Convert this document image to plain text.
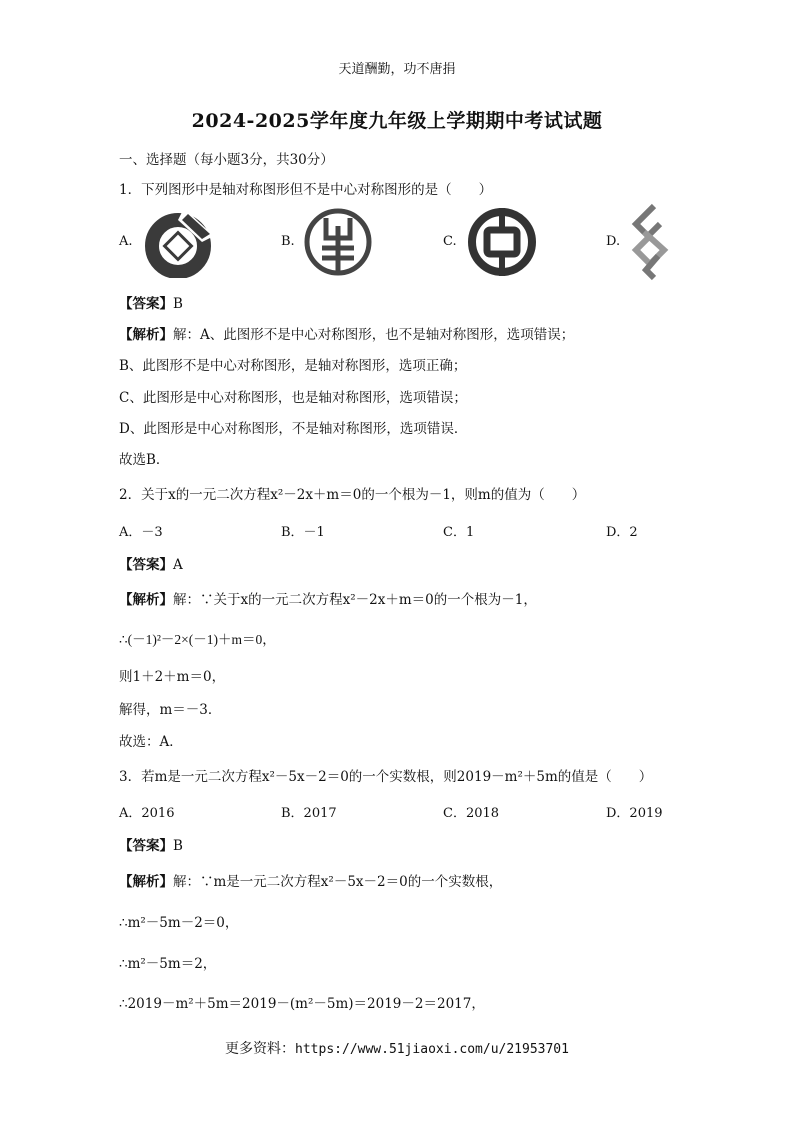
天道酬勤，功不唐捐
2024-2025学年度九年级上学期期中考试试题
一、选择题（每小题3分，共30分）
1．下列图形中是轴对称图形但不是中心对称图形的是（　　）
A.	B.	C.	D.
【答案】B
【解析】解：A、此图形不是中心对称图形，也不是轴对称图形，选项错误；
B、此图形不是中心对称图形，是轴对称图形，选项正确；
C、此图形是中心对称图形，也是轴对称图形，选项错误；
D、此图形是中心对称图形，不是轴对称图形，选项错误．
故选B．
2．关于x的一元二次方程x²－2x＋m＝0的一个根为－1，则m的值为（　　）
A．－3	B．－1	C．1	D．2
【答案】A
【解析】解：∵关于x的一元二次方程x²－2x＋m＝0的一个根为－1，
∴(－1)²－2×(－1)＋m＝0，
则1＋2＋m＝0，
解得，m＝－3．
故选：A．
3．若m是一元二次方程x²－5x－2＝0的一个实数根，则2019－m²＋5m的值是（　　）
A．2016	B．2017	C．2018	D．2019
【答案】B
【解析】解：∵m是一元二次方程x²－5x－2＝0的一个实数根，
∴m²－5m－2＝0，
∴m²－5m＝2，
∴2019－m²＋5m＝2019－(m²－5m)＝2019－2＝2017，
更多资料：https://www.51jiaoxi.com/u/21953701
